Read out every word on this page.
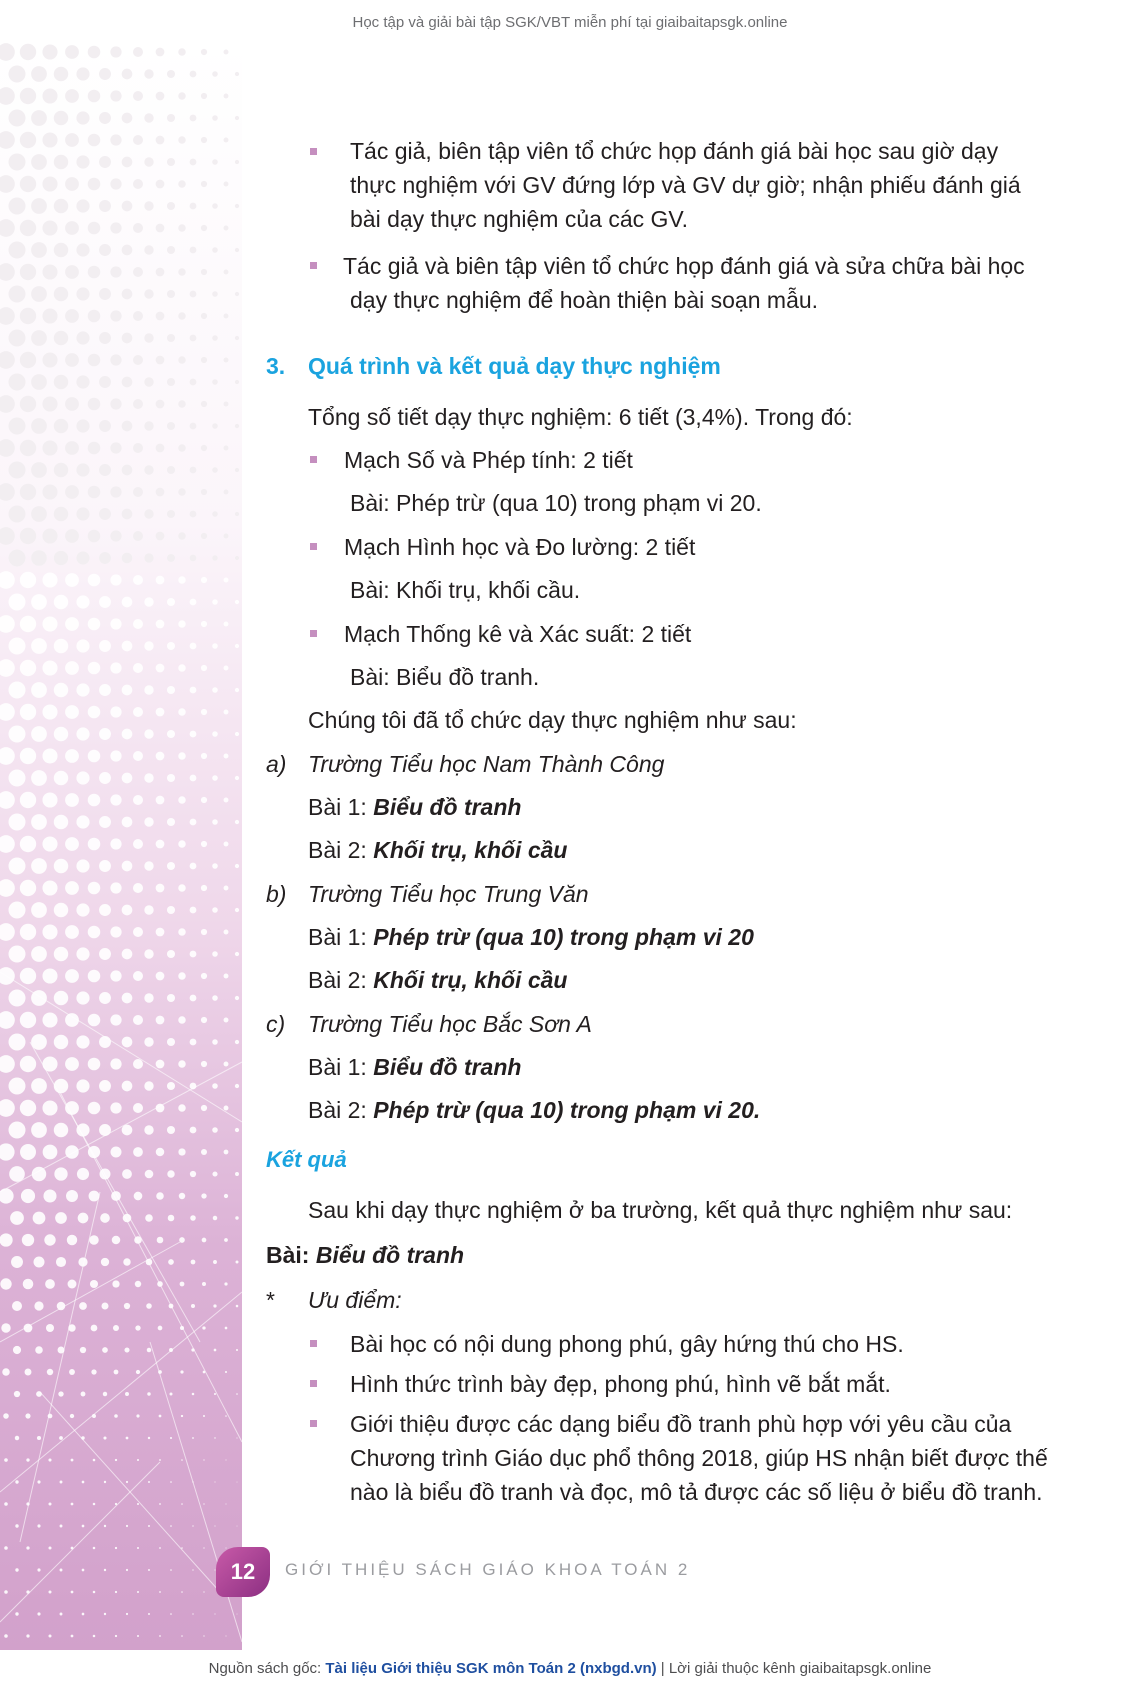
Học tập và giải bài tập SGK/VBT miễn phí tại giaibaitapsgk.online

Tác giả, biên tập viên tổ chức họp đánh giá bài học sau giờ dạy

thực nghiệm với GV đứng lớp và GV dự giờ; nhận phiếu đánh giá

bài dạy thực nghiệm của các GV.

Tác giả và biên tập viên tổ chức họp đánh giá và sửa chữa bài học

dạy thực nghiệm để hoàn thiện bài soạn mẫu.

3. Quá trình và kết quả dạy thực nghiệm

Tổng số tiết dạy thực nghiệm: 6 tiết (3,4%). Trong đó:

Mạch Số và Phép tính: 2 tiết

Bài: Phép trừ (qua 10) trong phạm vi 20.

Mạch Hình học và Đo lường: 2 tiết

Bài: Khối trụ, khối cầu.

Mạch Thống kê và Xác suất: 2 tiết

Bài: Biểu đồ tranh.

Chúng tôi đã tổ chức dạy thực nghiệm như sau:

a) Trường Tiểu học Nam Thành Công

Bài 1: Biểu đồ tranh

Bài 2: Khối trụ, khối cầu

b) Trường Tiểu học Trung Văn

Bài 1: Phép trừ (qua 10) trong phạm vi 20

Bài 2: Khối trụ, khối cầu

c) Trường Tiểu học Bắc Sơn A

Bài 1: Biểu đồ tranh

Bài 2: Phép trừ (qua 10) trong phạm vi 20.

Kết quả

Sau khi dạy thực nghiệm ở ba trường, kết quả thực nghiệm như sau:

Bài: Biểu đồ tranh

* Ưu điểm:

Bài học có nội dung phong phú, gây hứng thú cho HS.

Hình thức trình bày đẹp, phong phú, hình vẽ bắt mắt.

Giới thiệu được các dạng biểu đồ tranh phù hợp với yêu cầu của

Chương trình Giáo dục phổ thông 2018, giúp HS nhận biết được thế

nào là biểu đồ tranh và đọc, mô tả được các số liệu ở biểu đồ tranh.

12	GIỚI THIỆU SÁCH GIÁO KHOA TOÁN 2

Nguồn sách gốc: Tài liệu Giới thiệu SGK môn Toán 2 (nxbgd.vn) | Lời giải thuộc kênh giaibaitapsgk.online
